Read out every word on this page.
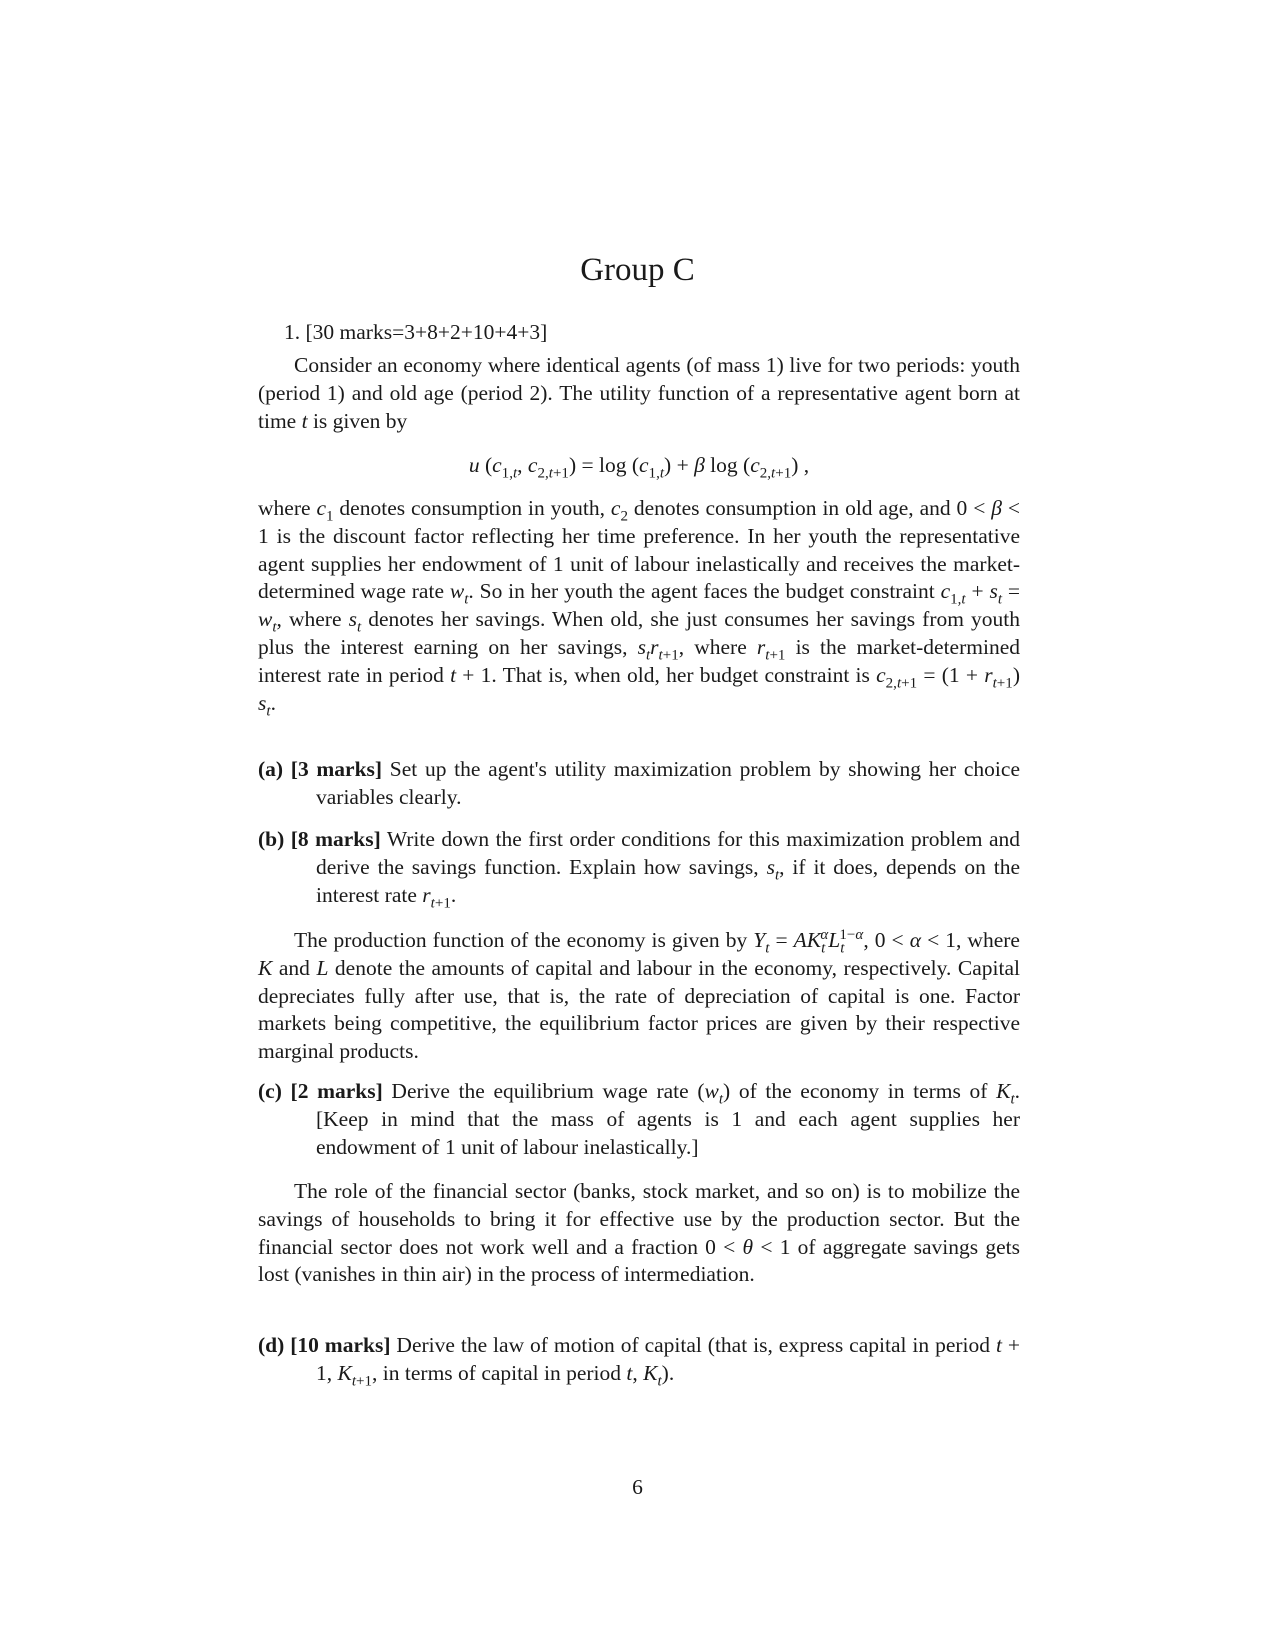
Group C
1. [30 marks=3+8+2+10+4+3]

Consider an economy where identical agents (of mass 1) live for two periods: youth (period 1) and old age (period 2). The utility function of a representative agent born at time t is given by

u ($c_{1,t}$, $c_{2,t+1}) = \log (c_{1,t}) + \beta$ $\log (c_{2,t+1})$ ,

where $c_1$ denotes consumption in youth, $c_2$ denotes consumption in old age, and 0 < β < 1 is the discount factor reflecting her time preference. In her youth the representative agent supplies her endowment of 1 unit of labour inelastically and receives the market-determined wage rate $w_t$. So in her youth the agent faces the budget constraint $c_{1,t} + s_t = w_t$, where $s_t$ denotes her savings. When old, she just consumes her savings from youth plus the interest earning on her savings, $s_tr_{t+1}$, where $r_{t+1}$ is the market-determined interest rate in period t + 1. That is, when old, her budget constraint is $c_{2,t+1} = (1 + r_{t+1})$ $s_t$.

(a) [3 marks] Set up the agent's utility maximization problem by showing her choice variables clearly.

(b) [8 marks] Write down the first order conditions for this maximization problem and derive the savings function. Explain how savings, $s_t$, if it does, depends on the interest rate $r_{t+1}$.

The production function of the economy is given by $Y_t = AK_t^\alpha L_t^{1-\alpha}$, 0 < α < 1, where K and L denote the amounts of capital and labour in the economy, respectively. Capital depreciates fully after use, that is, the rate of depreciation of capital is one. Factor markets being competitive, the equilibrium factor prices are given by their respective marginal products.

(c) [2 marks] Derive the equilibrium wage rate $(w_t)$ of the economy in terms of $K_t$. [Keep in mind that the mass of agents is 1 and each agent supplies her endowment of 1 unit of labour inelastically.]

The role of the financial sector (banks, stock market, and so on) is to mobilize the savings of households to bring it for effective use by the production sector. But the financial sector does not work well and a fraction 0 < θ < 1 of aggregate savings gets lost (vanishes in thin air) in the process of intermediation.

(d) [10 marks] Derive the law of motion of capital (that is, express capital in period t + 1, $K_{t+1}$, in terms of capital in period t, $K_t$).

6
